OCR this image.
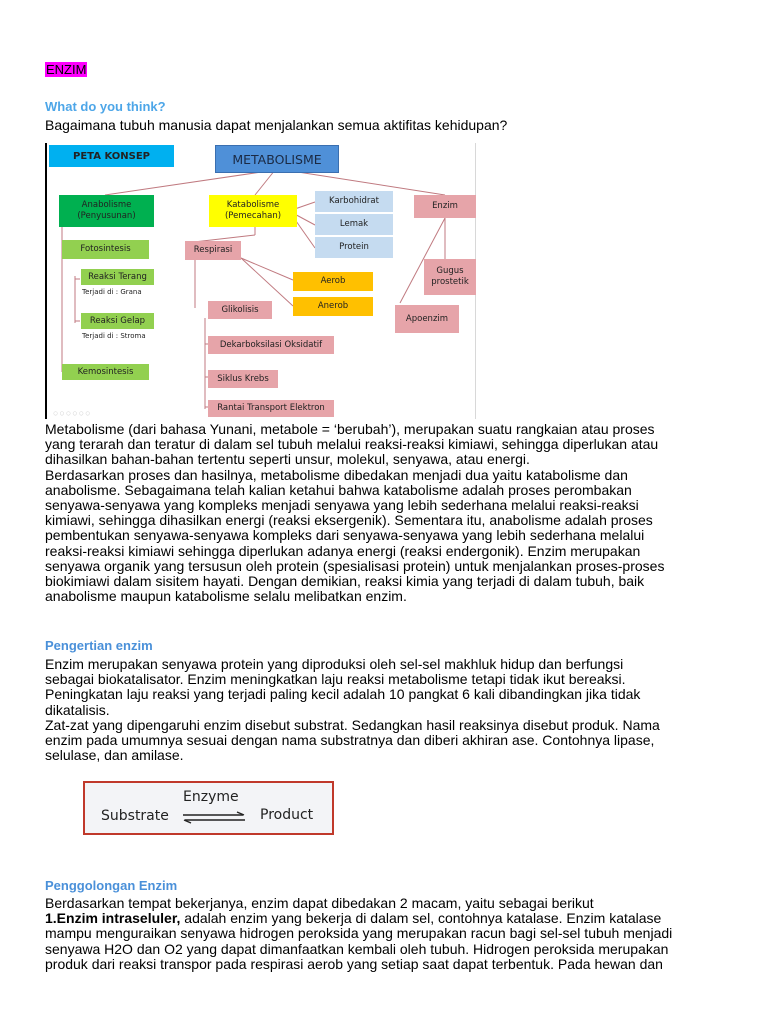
ENZIM
What do you think?
Bagaimana tubuh manusia dapat menjalankan semua aktifitas kehidupan?
PETA KONSEP	METABOLISME
Anabolisme
(Penyusunan)
Katabolisme
(Pemecahan)
Karbohidrat
Lemak
Protein
Enzim
Fotosintesis	Respirasi
Reaksi Terang
Terjadi di : Grana
Reaksi Gelap
Terjadi di : Stroma
Kemosintesis
Aerob
Anerob
Gugus
prostetik
Apoenzim
Glikolisis
Dekarboksilasi Oksidatif
Siklus Krebs
Rantai Transport Elektron
○○○○○○

Metabolisme (dari bahasa Yunani, metabole = ‘berubah’), merupakan suatu rangkaian atau proses

yang terarah dan teratur di dalam sel tubuh melalui reaksi-reaksi kimiawi, sehingga diperlukan atau

dihasilkan bahan-bahan tertentu seperti unsur, molekul, senyawa, atau energi.

Berdasarkan proses dan hasilnya, metabolisme dibedakan menjadi dua yaitu katabolisme dan

anabolisme. Sebagaimana telah kalian ketahui bahwa katabolisme adalah proses perombakan

senyawa-senyawa yang kompleks menjadi senyawa yang lebih sederhana melalui reaksi-reaksi

kimiawi, sehingga dihasilkan energi (reaksi eksergenik). Sementara itu, anabolisme adalah proses

pembentukan senyawa-senyawa kompleks dari senyawa-senyawa yang lebih sederhana melalui

reaksi-reaksi kimiawi sehingga diperlukan adanya energi (reaksi endergonik). Enzim merupakan

senyawa organik yang tersusun oleh protein (spesialisasi protein) untuk menjalankan proses-proses

biokimiawi dalam sisitem hayati. Dengan demikian, reaksi kimia yang terjadi di dalam tubuh, baik

anabolisme maupun katabolisme selalu melibatkan enzim.

Pengertian enzim

Enzim merupakan senyawa protein yang diproduksi oleh sel-sel makhluk hidup dan berfungsi

sebagai biokatalisator. Enzim meningkatkan laju reaksi metabolisme tetapi tidak ikut bereaksi.

Peningkatan laju reaksi yang terjadi paling kecil adalah 10 pangkat 6 kali dibandingkan jika tidak

dikatalisis.

Zat-zat yang dipengaruhi enzim disebut substrat. Sedangkan hasil reaksinya disebut produk. Nama

enzim pada umumnya sesuai dengan nama substratnya dan diberi akhiran ase. Contohnya lipase,

selulase, dan amilase.

Enzyme
Substrate	Product
Penggolongan Enzim

Berdasarkan tempat bekerjanya, enzim dapat dibedakan 2 macam, yaitu sebagai berikut

1.Enzim intraseluler, adalah enzim yang bekerja di dalam sel, contohnya katalase. Enzim katalase

mampu menguraikan senyawa hidrogen peroksida yang merupakan racun bagi sel-sel tubuh menjadi

senyawa H2O dan O2 yang dapat dimanfaatkan kembali oleh tubuh. Hidrogen peroksida merupakan

produk dari reaksi transpor pada respirasi aerob yang setiap saat dapat terbentuk. Pada hewan dan
